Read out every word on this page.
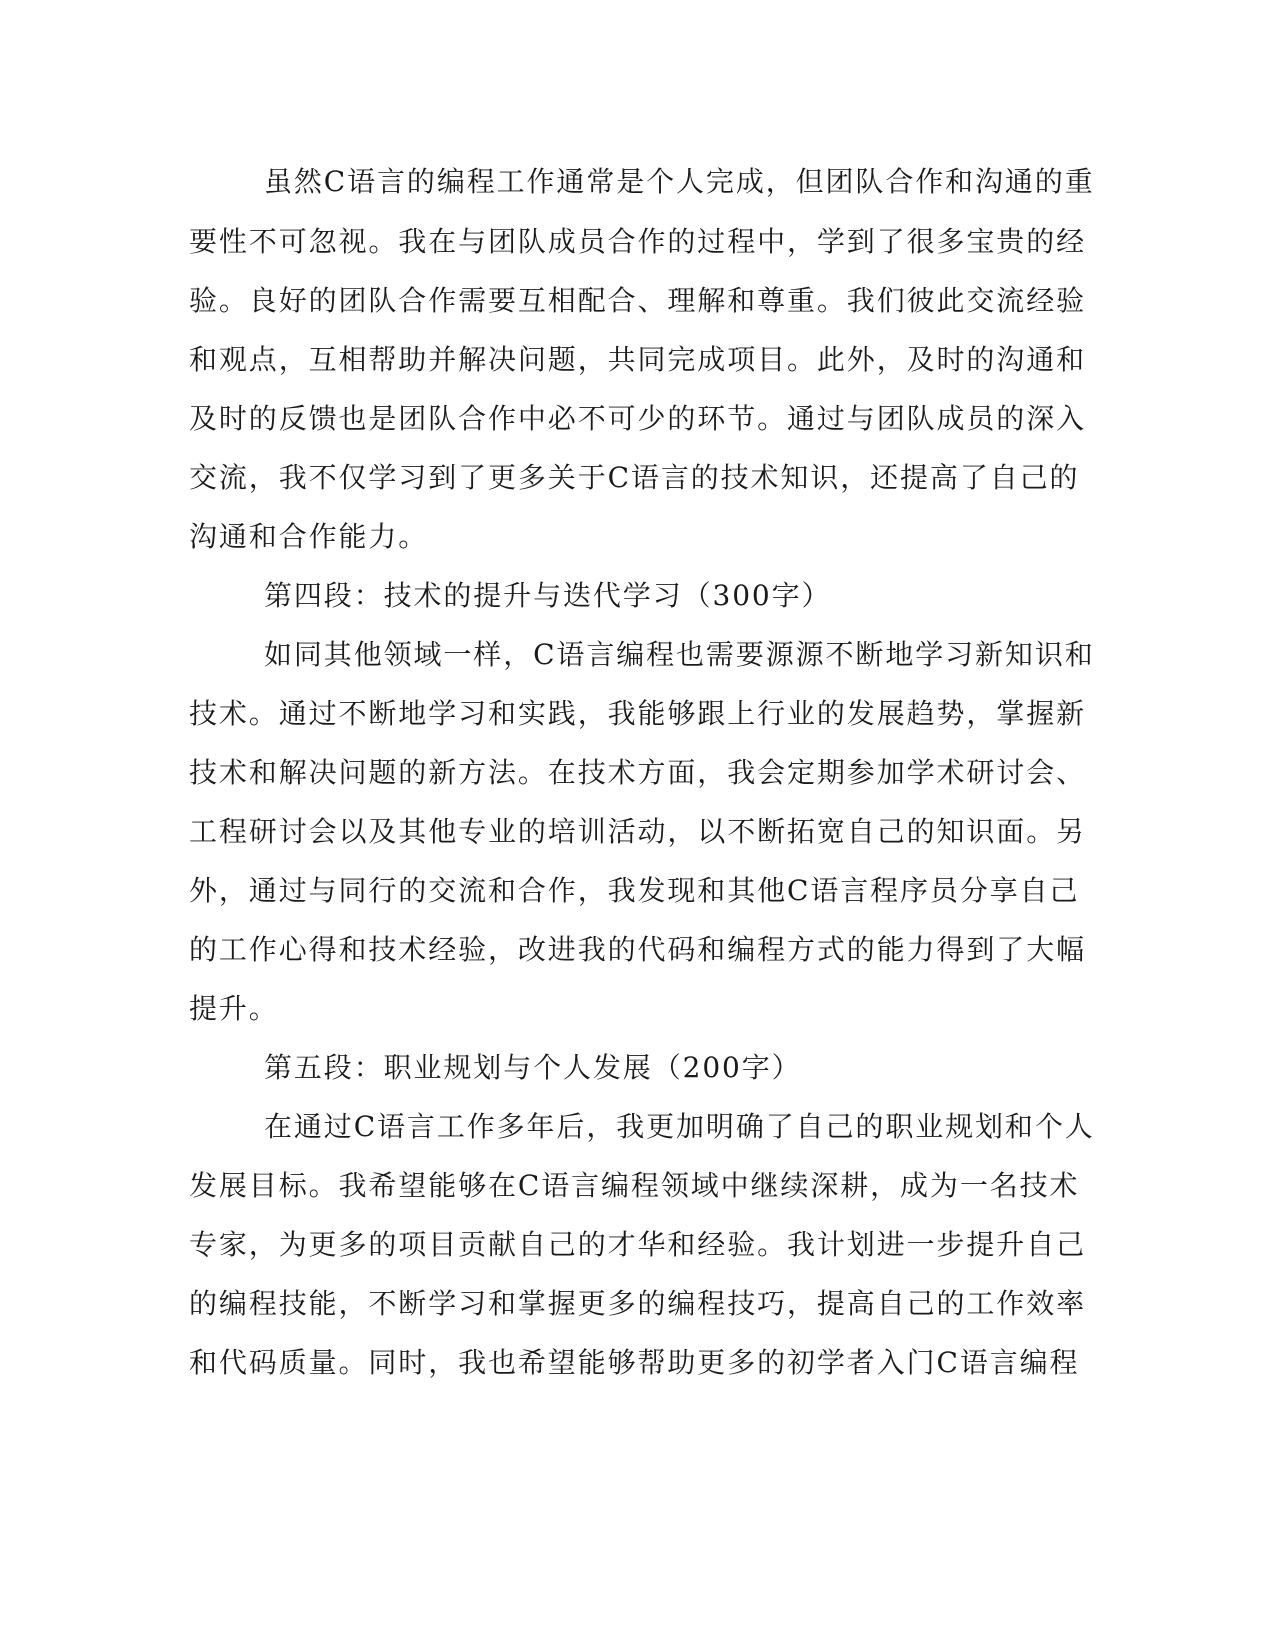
虽然C语言的编程工作通常是个人完成，但团队合作和沟通的重
要性不可忽视。我在与团队成员合作的过程中，学到了很多宝贵的经
验。良好的团队合作需要互相配合、理解和尊重。我们彼此交流经验
和观点，互相帮助并解决问题，共同完成项目。此外，及时的沟通和
及时的反馈也是团队合作中必不可少的环节。通过与团队成员的深入
交流，我不仅学习到了更多关于C语言的技术知识，还提高了自己的
沟通和合作能力。
第四段：技术的提升与迭代学习（300字）
如同其他领域一样，C语言编程也需要源源不断地学习新知识和
技术。通过不断地学习和实践，我能够跟上行业的发展趋势，掌握新
技术和解决问题的新方法。在技术方面，我会定期参加学术研讨会、
工程研讨会以及其他专业的培训活动，以不断拓宽自己的知识面。另
外，通过与同行的交流和合作，我发现和其他C语言程序员分享自己
的工作心得和技术经验，改进我的代码和编程方式的能力得到了大幅
提升。
第五段：职业规划与个人发展（200字）
在通过C语言工作多年后，我更加明确了自己的职业规划和个人
发展目标。我希望能够在C语言编程领域中继续深耕，成为一名技术
专家，为更多的项目贡献自己的才华和经验。我计划进一步提升自己
的编程技能，不断学习和掌握更多的编程技巧，提高自己的工作效率
和代码质量。同时，我也希望能够帮助更多的初学者入门C语言编程
